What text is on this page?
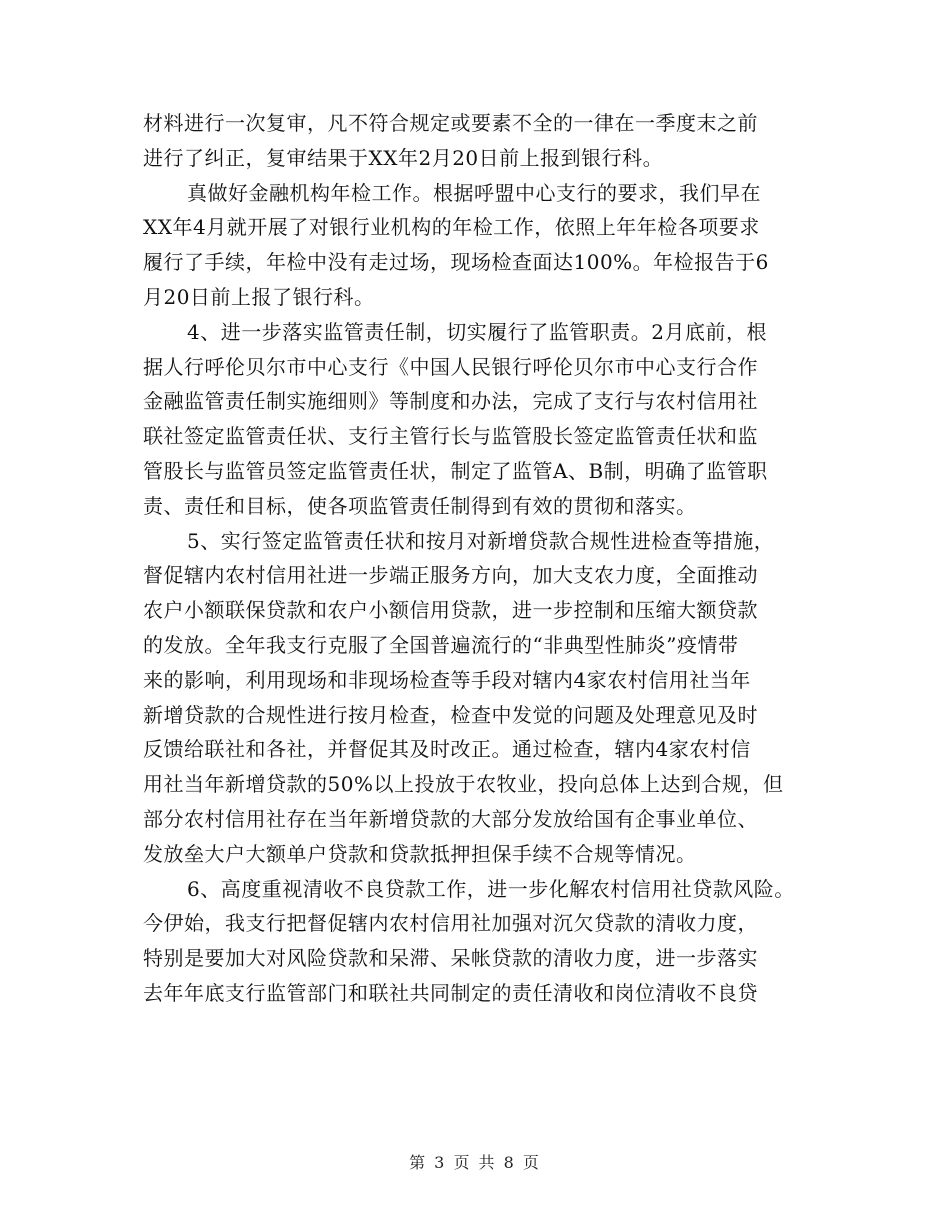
材料进行一次复审，凡不符合规定或要素不全的一律在一季度末之前
进行了纠正，复审结果于XX年2月20日前上报到银行科。
真做好金融机构年检工作。根据呼盟中心支行的要求，我们早在
XX年4月就开展了对银行业机构的年检工作，依照上年年检各项要求
履行了手续，年检中没有走过场，现场检查面达100%。年检报告于6
月20日前上报了银行科。
4、进一步落实监管责任制，切实履行了监管职责。2月底前，根
据人行呼伦贝尔市中心支行《中国人民银行呼伦贝尔市中心支行合作
金融监管责任制实施细则》等制度和办法，完成了支行与农村信用社
联社签定监管责任状、支行主管行长与监管股长签定监管责任状和监
管股长与监管员签定监管责任状，制定了监管A、B制，明确了监管职
责、责任和目标，使各项监管责任制得到有效的贯彻和落实。
5、实行签定监管责任状和按月对新增贷款合规性进检查等措施，
督促辖内农村信用社进一步端正服务方向，加大支农力度，全面推动
农户小额联保贷款和农户小额信用贷款，进一步控制和压缩大额贷款
的发放。全年我支行克服了全国普遍流行的“非典型性肺炎”疫情带
来的影响，利用现场和非现场检查等手段对辖内4家农村信用社当年
新增贷款的合规性进行按月检查，检查中发觉的问题及处理意见及时
反馈给联社和各社，并督促其及时改正。通过检查，辖内4家农村信
用社当年新增贷款的50%以上投放于农牧业，投向总体上达到合规，但
部分农村信用社存在当年新增贷款的大部分发放给国有企事业单位、
发放垒大户大额单户贷款和贷款抵押担保手续不合规等情况。
6、高度重视清收不良贷款工作，进一步化解农村信用社贷款风险。
今伊始，我支行把督促辖内农村信用社加强对沉欠贷款的清收力度，
特别是要加大对风险贷款和呆滞、呆帐贷款的清收力度，进一步落实
去年年底支行监管部门和联社共同制定的责任清收和岗位清收不良贷
第 3 页 共 8 页
